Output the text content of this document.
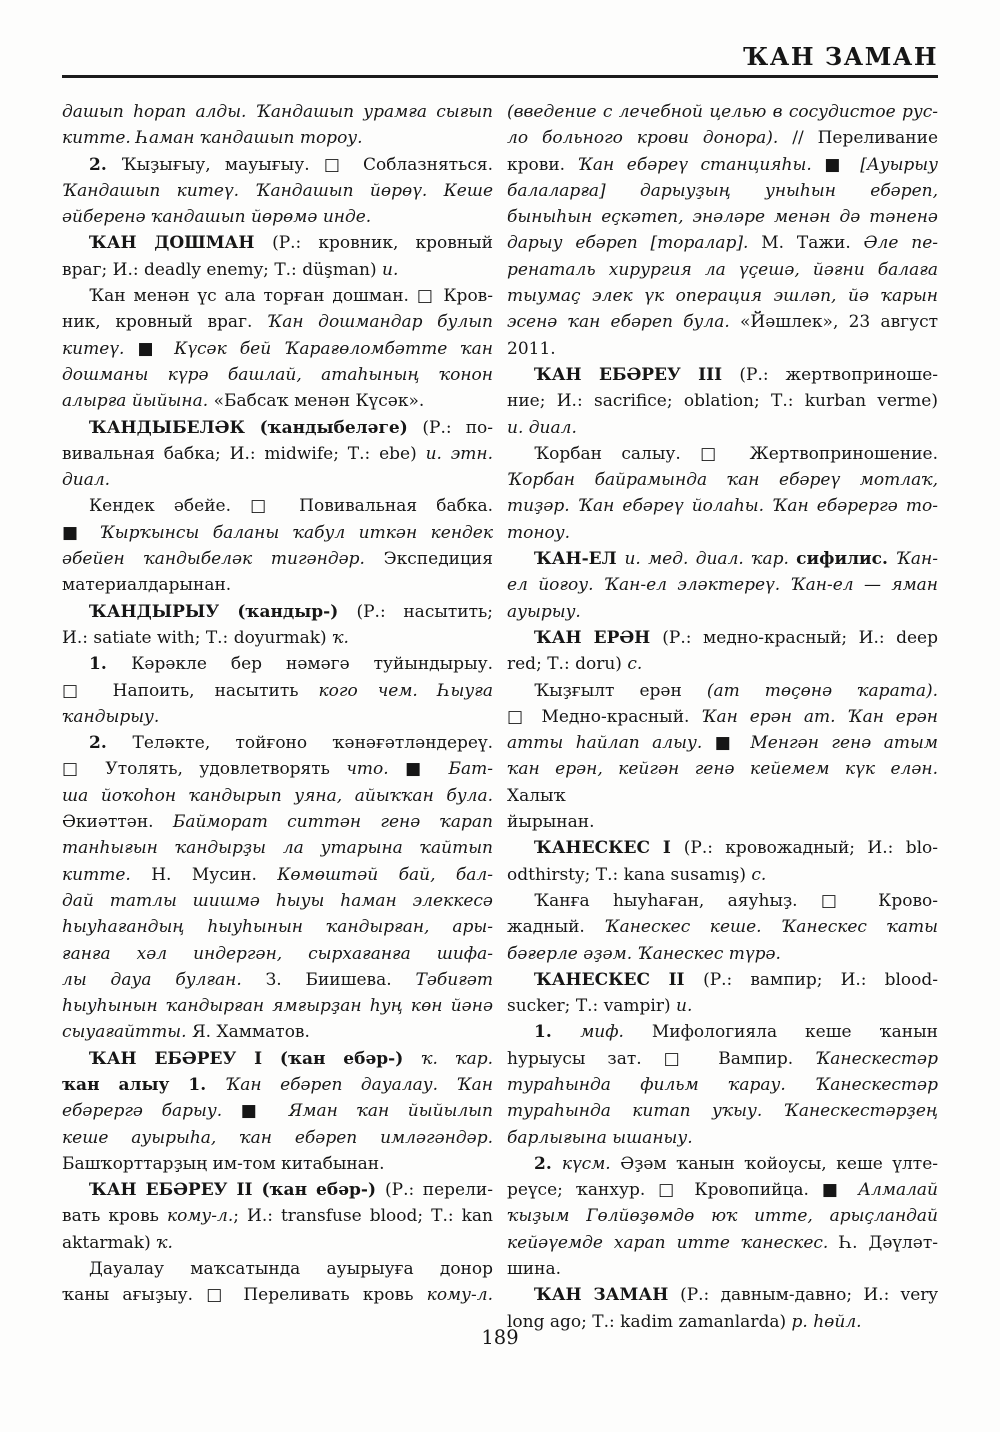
ҠАН ЗАМАН
дашып һорап алды. Ҡандашып урамға сығып
китте. Һаман ҡандашып тороу.
2. Ҡыҙығыу, мауығыу. □ Соблазняться.
Ҡандашып китеү. Ҡандашып йөрөү. Кеше
әйберенә ҡандашып йөрөмә инде.
ҠАН ДОШМАН (Р.: кровник, кровный
враг; И.: deadly enemy; Т.: düşman) и.
Ҡан менән үс ала торған дошман. □ Кров-
ник, кровный враг. Ҡан дошмандар булып
китеү. ■ Күсәк бей Ҡарағөломбәтте ҡан
дошманы күрә башлай, атаһының ҡонон
алырға йыйына. «Бабсаҡ менән Күсәк».
ҠАНДЫБЕЛӘК (ҡандыбеләге) (Р.: по-
вивальная бабка; И.: midwife; Т.: ebe) и. этн.
диал.
Кендек әбейе. □ Повивальная бабка.
■ Ҡырҡынсы баланы ҡабул иткән кендек
әбейен ҡандыбеләк тигәндәр. Экспедиция
материалдарынан.
ҠАНДЫРЫУ (ҡандыр-) (Р.: насытить;
И.: satiate with; Т.: doyurmak) ҡ.
1. Кәрәкле бер нәмәгә туйындырыу.
□ Напоить, насытить кого чем. Һыуға
ҡандырыу.
2. Теләкте, тойғоно ҡәнәғәтләндереү.
□ Утолять, удовлетворять что. ■ Бат-
ша йоҡоһон ҡандырып уяна, айыҡҡан була.
Әкиәттән. Байморат ситтән генә ҡарап
танһығын ҡандырҙы ла утарына ҡайтып
китте. Н. Мусин. Көмөштәй бай, бал-
дай татлы шишмә һыуы һаман элеккесә
һыуһағандың һыуһынын ҡандырған, ары-
ғанға хәл индергән, сырхағанға шифа-
лы дауа булған. З. Биишева. Тәбиғәт
һыуһынын ҡандырған ямғырҙан һуң көн йәнә
сыуағайтты. Я. Хамматов.
ҠАН ЕБӘРЕУ I (ҡан ебәр-) ҡ. ҡар.
ҡан алыу 1. Ҡан ебәреп дауалау. Ҡан
ебәрергә барыу. ■ Яман ҡан йыйылып
кеше ауырыһа, ҡан ебәреп имләгәндәр.
Башҡорттарҙың им-том китабынан.
ҠАН ЕБӘРЕУ II (ҡан ебәр-) (Р.: перели-
вать кровь кому-л.; И.: transfuse blood; Т.: kan
aktarmak) ҡ.
Дауалау маҡсатында ауырыуға донор
ҡаны ағыҙыу. □ Переливать кровь кому-л.
(введение с лечебной целью в сосудистое рус-
ло больного крови донора). // Переливание
крови. Ҡан ебәреү станцияһы. ■ [Ауырыу
балаларға] дарыуҙың уныһын ебәреп,
быныһын еҫкәтеп, энәләре менән дә тәненә
дарыу ебәреп [торалар]. М. Тажи. Әле пе-
ренаталь хирургия ла үҫешә, йәғни балаға
тыумаҫ элек үк операция эшләп, йә ҡарын
эсенә ҡан ебәреп була. «Йәшлек», 23 август
2011.
ҠАН ЕБӘРЕУ III (Р.: жертвоприноше-
ние; И.: sacrifice; oblation; Т.: kurban verme)
и. диал.
Ҡорбан салыу. □ Жертвоприношение.
Ҡорбан байрамында ҡан ебәреү мотлаҡ,
тиҙәр. Ҡан ебәреү йолаһы. Ҡан ебәрергә то-
тоноу.
ҠАН-ЕЛ и. мед. диал. ҡар. сифилис. Ҡан-
ел йоғоу. Ҡан-ел эләктереү. Ҡан-ел — яман
ауырыу.
ҠАН ЕРӘН (Р.: медно-красный; И.: deep
red; Т.: doru) с.
Ҡыҙғылт ерән (ат төҫөнә ҡарата).
□ Медно-красный. Ҡан ерән ат. Ҡан ерән
атты һайлап алыу. ■ Менгән генә атым
ҡан ерән, кейгән генә кейемем күк елән. Халыҡ
йырынан.
ҠАНЕСКЕС I (Р.: кровожадный; И.: blo-
odthirsty; Т.: kana susamış) с.
Ҡанға һыуһаған, аяуһыҙ. □ Крово-
жадный. Ҡанескес кеше. Ҡанескес ҡаты
бәғерле әҙәм. Ҡанескес түрә.
ҠАНЕСКЕС II (Р.: вампир; И.: blood-
sucker; Т.: vampir) и.
1. миф. Мифологияла кеше ҡанын
һурыусы зат. □ Вампир. Ҡанескестәр
тураһында фильм ҡарау. Ҡанескестәр
тураһында китап уҡыу. Ҡанескестәрҙең
барлығына ышаныу.
2. күсм. Әҙәм ҡанын ҡойоусы, кеше үлте-
реүсе; ҡанхур. □ Кровопийца. ■ Алмалай
ҡыҙым Гөлйөҙөмдө юҡ итте, арыҫландай
кейәүемде харап итте ҡанескес. Һ. Дәүләт-
шина.
ҠАН ЗАМАН (Р.: давным-давно; И.: very
long ago; Т.: kadim zamanlarda) р. һөйл.
189
